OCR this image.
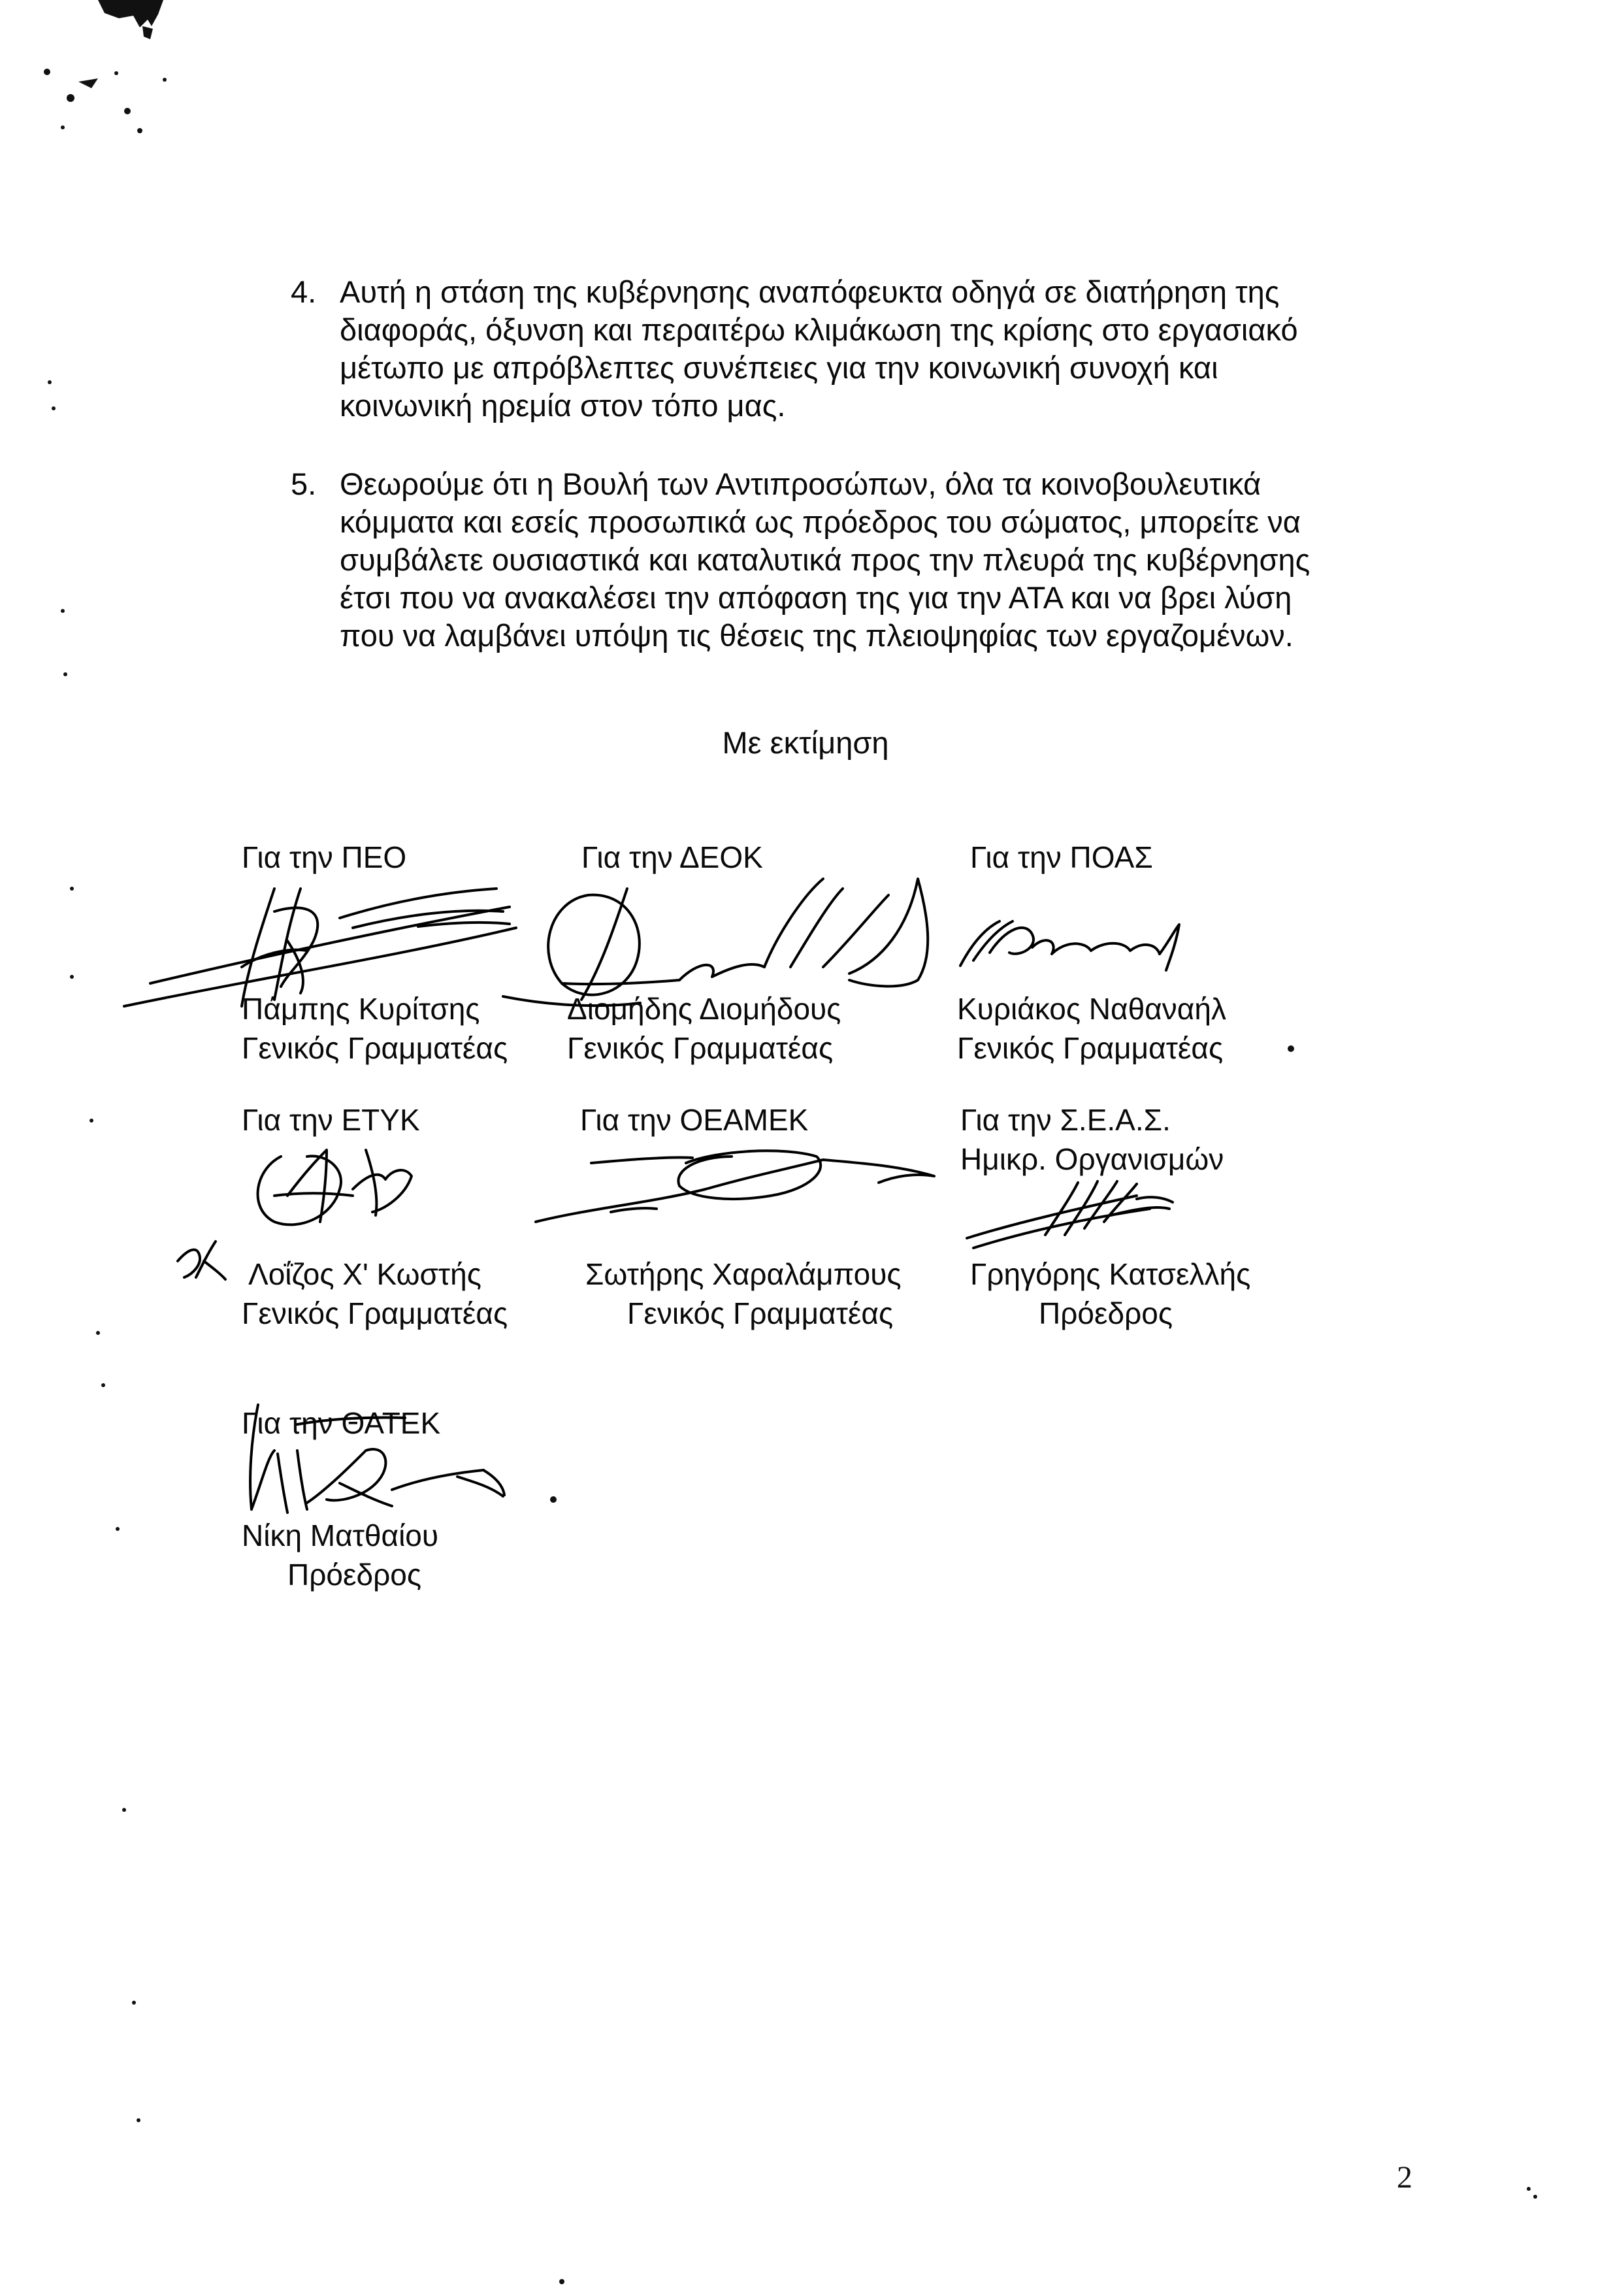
4. Αυτή η στάση της κυβέρνησης αναπόφευκτα οδηγά σε διατήρηση της
διαφοράς, όξυνση και περαιτέρω κλιμάκωση της κρίσης στο εργασιακό
μέτωπο με απρόβλεπτες συνέπειες για την κοινωνική συνοχή και
κοινωνική ηρεμία στον τόπο μας.
5. Θεωρούμε ότι η Βουλή των Αντιπροσώπων, όλα τα κοινοβουλευτικά
κόμματα και εσείς προσωπικά ως πρόεδρος του σώματος, μπορείτε να
συμβάλετε ουσιαστικά και καταλυτικά προς την πλευρά της κυβέρνησης
έτσι που να ανακαλέσει την απόφαση της για την ΑΤΑ και να βρει λύση
που να λαμβάνει υπόψη τις θέσεις της πλειοψηφίας των εργαζομένων.
Με εκτίμηση
Για την ΠΕΟ
Πάμπης Κυρίτσης
Γενικός Γραμματέας
Για την ΔΕΟΚ
Διομήδης Διομήδους
Γενικός Γραμματέας
Για την ΠΟΑΣ
Κυριάκος Ναθαναήλ
Γενικός Γραμματέας
Για την ΕΤΥΚ
Λοΐζος Χ' Κωστής
Γενικός Γραμματέας
Για την ΟΕΑΜΕΚ
Σωτήρης Χαραλάμπους
Γενικός Γραμματέας
Για την Σ.Ε.Α.Σ.
Ημικρ. Οργανισμών
Γρηγόρης Κατσελλής
Πρόεδρος
Για την ΘΑΤΕΚ
Νίκη Ματθαίου
Πρόεδρος
2
